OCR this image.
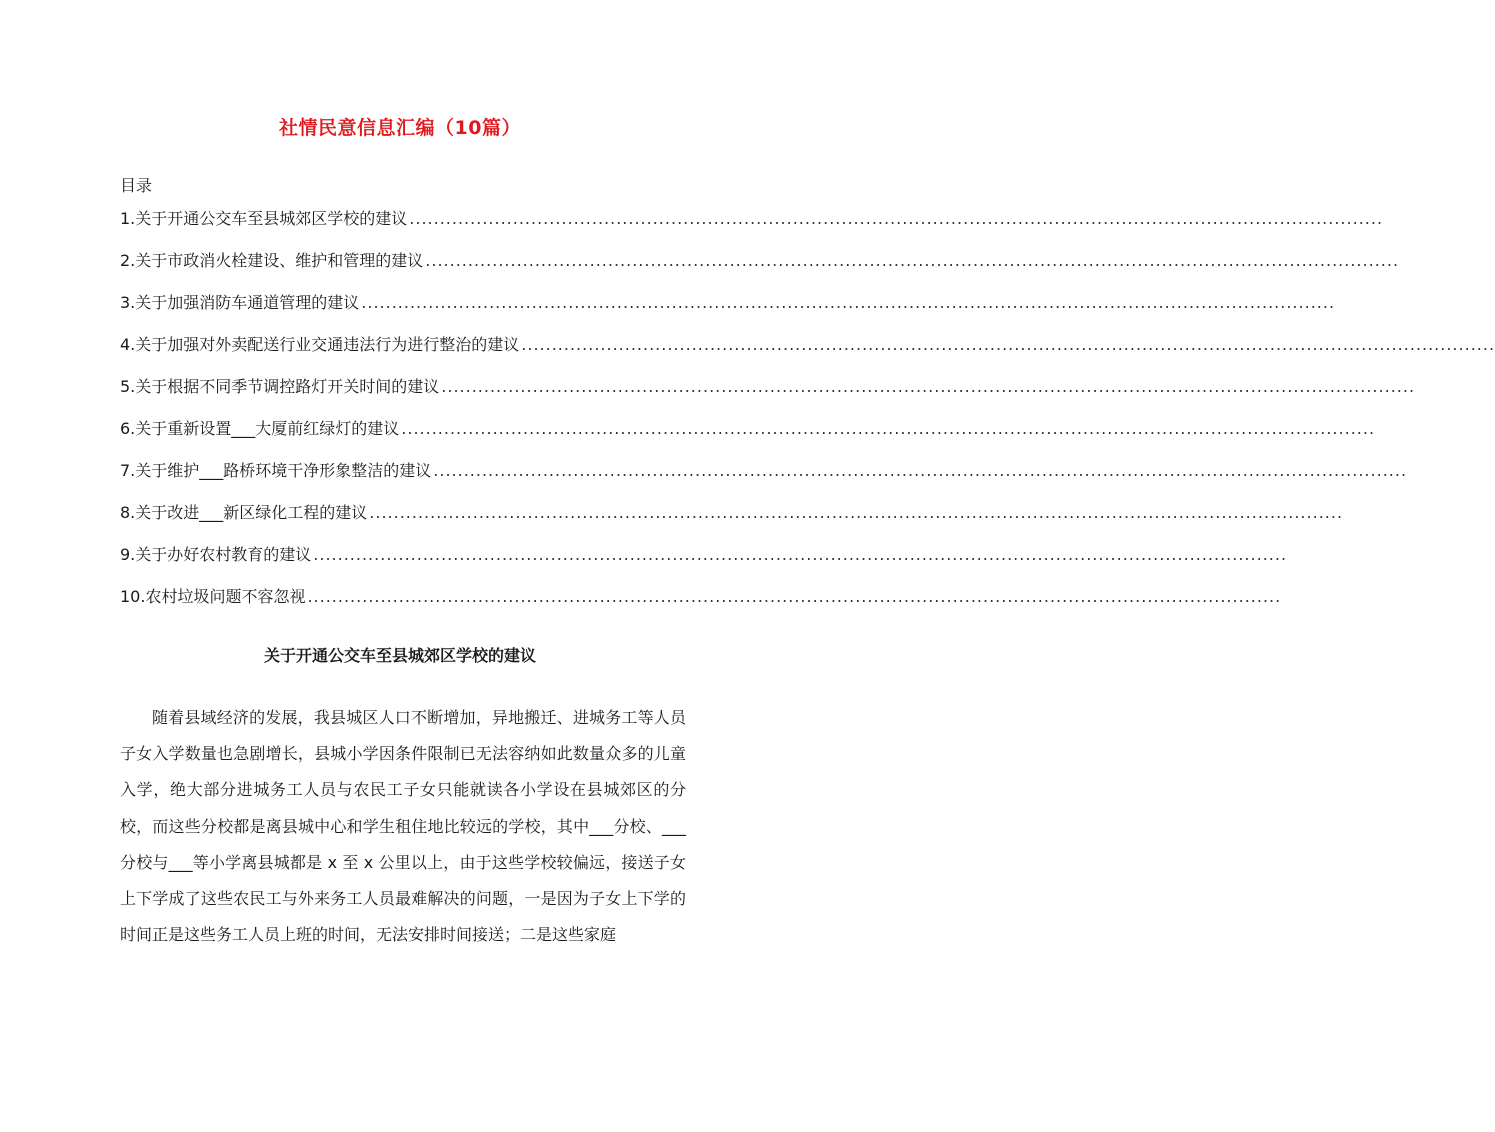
社情民意信息汇编（10篇）
目录
1.关于开通公交车至县城郊区学校的建议 ................................................................................................................................................................
2.关于市政消火栓建设、维护和管理的建议 ................................................................................................................................................................
3.关于加强消防车通道管理的建议 ................................................................................................................................................................
4.关于加强对外卖配送行业交通违法行为进行整治的建议 ................................................................................................................................................................
5.关于根据不同季节调控路灯开关时间的建议 ................................................................................................................................................................
6.关于重新设置___大厦前红绿灯的建议 ................................................................................................................................................................
7.关于维护___路桥环境干净形象整洁的建议 ................................................................................................................................................................
8.关于改进___新区绿化工程的建议 ................................................................................................................................................................
9.关于办好农村教育的建议 ................................................................................................................................................................
10.农村垃圾问题不容忽视 ................................................................................................................................................................
关于开通公交车至县城郊区学校的建议

随着县域经济的发展，我县城区人口不断增加，异地搬迁、进城务工等人员子女入学数量也急剧增长，县城小学因条件限制已无法容纳如此数量众多的儿童入学，绝大部分进城务工人员与农民工子女只能就读各小学设在县城郊区的分校，而这些分校都是离县城中心和学生租住地比较远的学校，其中___分校、___分校与___等小学离县城都是 x 至 x 公里以上，由于这些学校较偏远，接送子女上下学成了这些农民工与外来务工人员最难解决的问题，一是因为子女上下学的时间正是这些务工人员上班的时间，无法安排时间接送；二是这些家庭
